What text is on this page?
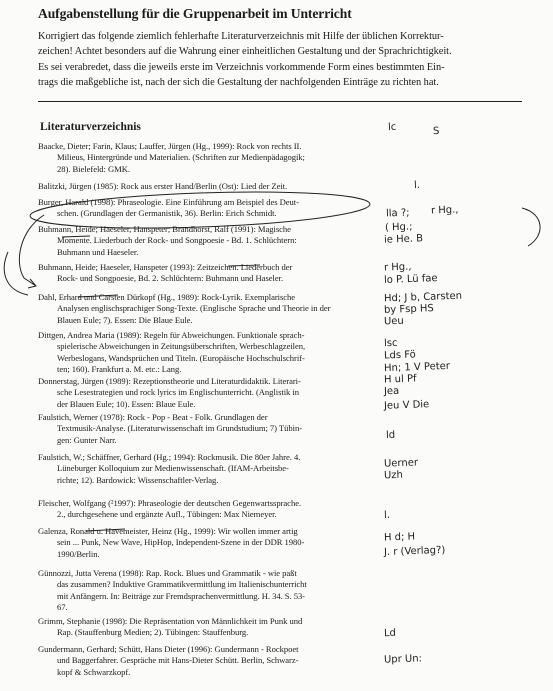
Aufgabenstellung für die Gruppenarbeit im Unterricht

Korrigiert das folgende ziemlich fehlerhafte Literaturverzeichnis mit Hilfe der üblichen Korrektur-

zeichen! Achtet besonders auf die Wahrung einer einheitlichen Gestaltung und der Sprachrichtigkeit.

Es sei verabredet, dass die jeweils erste im Verzeichnis vorkommende Form eines bestimmten Ein-

trags die maßgebliche ist, nach der sich die Gestaltung der nachfolgenden Einträge zu richten hat.

Literaturverzeichnis
Baacke, Dieter; Farin, Klaus; Lauffer, Jürgen (Hg., 1999): Rock von rechts II.

Milieus, Hintergründe und Materialien. (Schriften zur Medienpädagogik;
28). Bielefeld: GMK.
Balitzki, Jürgen (1985): Rock aus erster Hand/Berlin (Ost): Lied der Zeit.

Burger, Harald (1998): Phraseologie. Eine Einführung am Beispiel des Deut-

schen. (Grundlagen der Germanistik, 36). Berlin: Erich Schmidt.
Buhmann, Heide; Haeseler, Hanspeter; Brandhorst, Ralf (1991): Magische

Momente. Liederbuch der Rock- und Songpoesie - Bd. 1. Schlüchtern:
Buhmann und Haeseler.
Buhmann, Heide; Haeseler, Hanspeter (1993): Zeitzeichen. Liederbuch der

Rock- und Songpoesie, Bd. 2. Schlüchtern: Buhmann und Haseler.
Dahl, Erhard und Carsten Dürkopf (Hg., 1989): Rock-Lyrik. Exemplarische

Analysen englischsprachiger Song-Texte. (Englische Sprache und Theorie in der
Blauen Eule; 7). Essen: Die Blaue Eule.
Dittgen, Andrea Maria (1989): Regeln für Abweichungen. Funktionale sprach-

spielerische Abweichungen in Zeitungsüberschriften, Werbeschlagzeilen,
Werbeslogans, Wandsprüchen und Titeln. (Europäische Hochschulschrif-
ten; 160). Frankfurt a. M. etc.: Lang.
Donnerstag, Jürgen (1989): Rezeptionstheorie und Literaturdidaktik. Literari-

sche Lesestrategien und rock lyrics im Englischunterricht. (Anglistik in
der Blauen Eule; 10). Essen: Blaue Eule.
Faulstich, Werner (1978): Rock - Pop - Beat - Folk. Grundlagen der

Textmusik-Analyse. (Literaturwissenschaft im Grundstudium; 7) Tübin-
gen: Gunter Narr.
Faulstich, W.; Schäffner, Gerhard (Hg.; 1994): Rockmusik. Die 80er Jahre. 4.

Lüneburger Kolloquium zur Medienwissenschaft. (IfAM-Arbeitsbe-
richte; 12). Bardowick: Wissenschaftler-Verlag.
Fleischer, Wolfgang (²1997): Phraseologie der deutschen Gegenwartssprache.

2., durchgesehene und ergänzte Aufl., Tübingen: Max Niemeyer.
Galenza, Ronald u. Havemeister, Heinz (Hg., 1999): Wir wollen immer artig

sein ... Punk, New Wave, HipHop, Independent-Szene in der DDR 1980-
1990/Berlin.
Günnozzi, Jutta Verena (1998): Rap. Rock. Blues und Grammatik - wie paßt

das zusammen? Induktive Grammatikvermittlung im Italienischunterricht
mit Anfängern. In: Beiträge zur Fremdsprachenvermittlung. H. 34. S. 53-
67.
Grimm, Stephanie (1998): Die Repräsentation von Männlichkeit im Punk und

Rap. (Stauffenburg Medien; 2). Tübingen: Stauffenburg.
Gundermann, Gerhard; Schütt, Hans Dieter (1996): Gundermann - Rockpoet

und Baggerfahrer. Gespräche mit Hans-Dieter Schütt. Berlin, Schwarz-
kopf & Schwarzkopf.
lc	S
l.
lla ?; r Hg.,
( Hg.;
ie He. B
r Hg.,
lo P. Lü fae
Hd; J b, Carsten
by Fsp HS
Ueu
lsc
Lds Fö
Hn; 1 V Peter
H ul Pf
Jea
Jeu V Die
ld
Uerner
Uzh
l.
H d; H
J. r (Verlag?)
Ld
Upr Un:
